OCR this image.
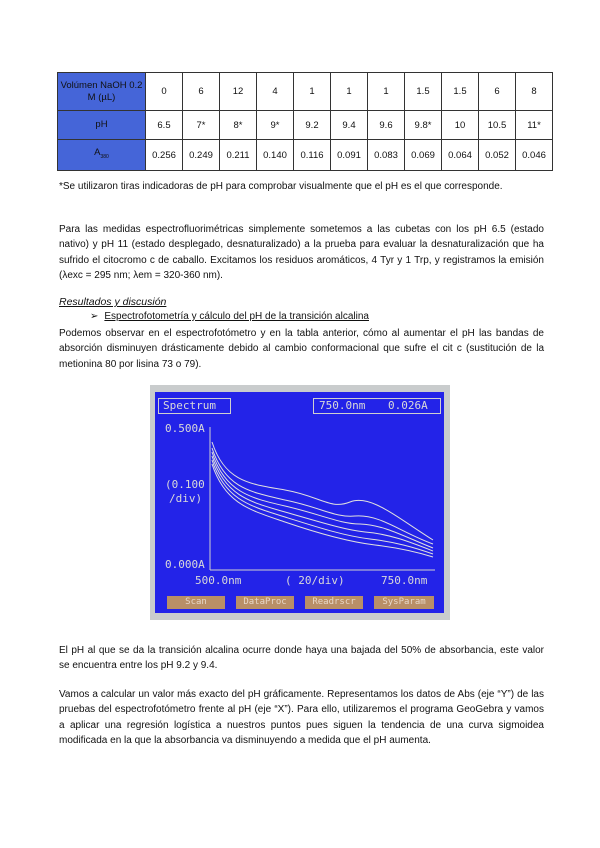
Volúmen NaOH 0.2 M (µL)	0	6	12	4	1	1	1	1.5	1.5	6	8
pH	6.5	7*	8*	9*	9.2	9.4	9.6	9.8*	10	10.5	11*
$A_{380}$	0.256	0.249	0.211	0.140	0.116	0.091	0.083	0.069	0.064	0.052	0.046

*Se utilizaron tiras indicadoras de pH para comprobar visualmente que el pH es el que corresponde.

Para las medidas espectrofluorimétricas simplemente sometemos a las cubetas con los pH 6.5 (estado nativo) y pH 11 (estado desplegado, desnaturalizado) a la prueba para evaluar la desnaturalización que ha sufrido el citocromo c de caballo. Excitamos los residuos aromáticos, 4 Tyr y 1 Trp, y registramos la emisión (λexc = 295 nm; λem = 320-360 nm).

Resultados y discusión

➢ Espectrofotometría y cálculo del pH de la transición alcalina

Podemos observar en el espectrofotómetro y en la tabla anterior, cómo al aumentar el pH las bandas de absorción disminuyen drásticamente debido al cambio conformacional que sufre el cit c (sustitución de la metionina 80 por lisina 73 o 79).

Spectrum	750.0nm 0.026A
0.500A
(0.100
/div)
0.000A
500.0nm	( 20/div)	750.0nm
Scan	DataProc	Readrscr	SysParam

El pH al que se da la transición alcalina ocurre donde haya una bajada del 50% de absorbancia, este valor se encuentra entre los pH 9.2 y 9.4.

Vamos a calcular un valor más exacto del pH gráficamente. Representamos los datos de Abs (eje “Y”) de las pruebas del espectrofotómetro frente al pH (eje “X”). Para ello, utilizaremos el programa GeoGebra y vamos a aplicar una regresión logística a nuestros puntos pues siguen la tendencia de una curva sigmoidea modificada en la que la absorbancia va disminuyendo a medida que el pH aumenta.
